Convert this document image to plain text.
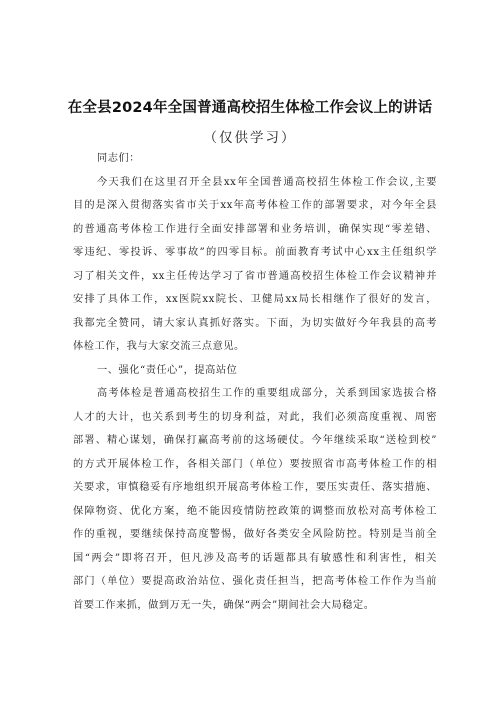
在全县2024年全国普通高校招生体检工作会议上的讲话
（仅供学习）
同志们：
今天我们在这里召开全县xx年全国普通高校招生体检工作会议,主要
目的是深入贯彻落实省市关于xx年高考体检工作的部署要求，对今年全县
的普通高考体检工作进行全面安排部署和业务培训，确保实现“零差错、
零违纪、零投诉、零事故”的四零目标。前面教育考试中心xx主任组织学
习了相关文件，xx主任传达学习了省市普通高校招生体检工作会议精神并
安排了具体工作，xx医院xx院长、卫健局xx局长相继作了很好的发言，
我都完全赞同，请大家认真抓好落实。下面，为切实做好今年我县的高考
体检工作，我与大家交流三点意见。
一、强化“责任心”，提高站位
高考体检是普通高校招生工作的重要组成部分，关系到国家选拔合格
人才的大计，也关系到考生的切身利益，对此，我们必须高度重视、周密
部署、精心谋划，确保打赢高考前的这场硬仗。今年继续采取“送检到校”
的方式开展体检工作，各相关部门（单位）要按照省市高考体检工作的相
关要求，审慎稳妥有序地组织开展高考体检工作，要压实责任、落实措施、
保障物资、优化方案，绝不能因疫情防控政策的调整而放松对高考体检工
作的重视，要继续保持高度警惕，做好各类安全风险防控。特别是当前全
国“两会”即将召开，但凡涉及高考的话题都具有敏感性和利害性，相关
部门（单位）要提高政治站位、强化责任担当，把高考体检工作作为当前
首要工作来抓，做到万无一失，确保“两会”期间社会大局稳定。
